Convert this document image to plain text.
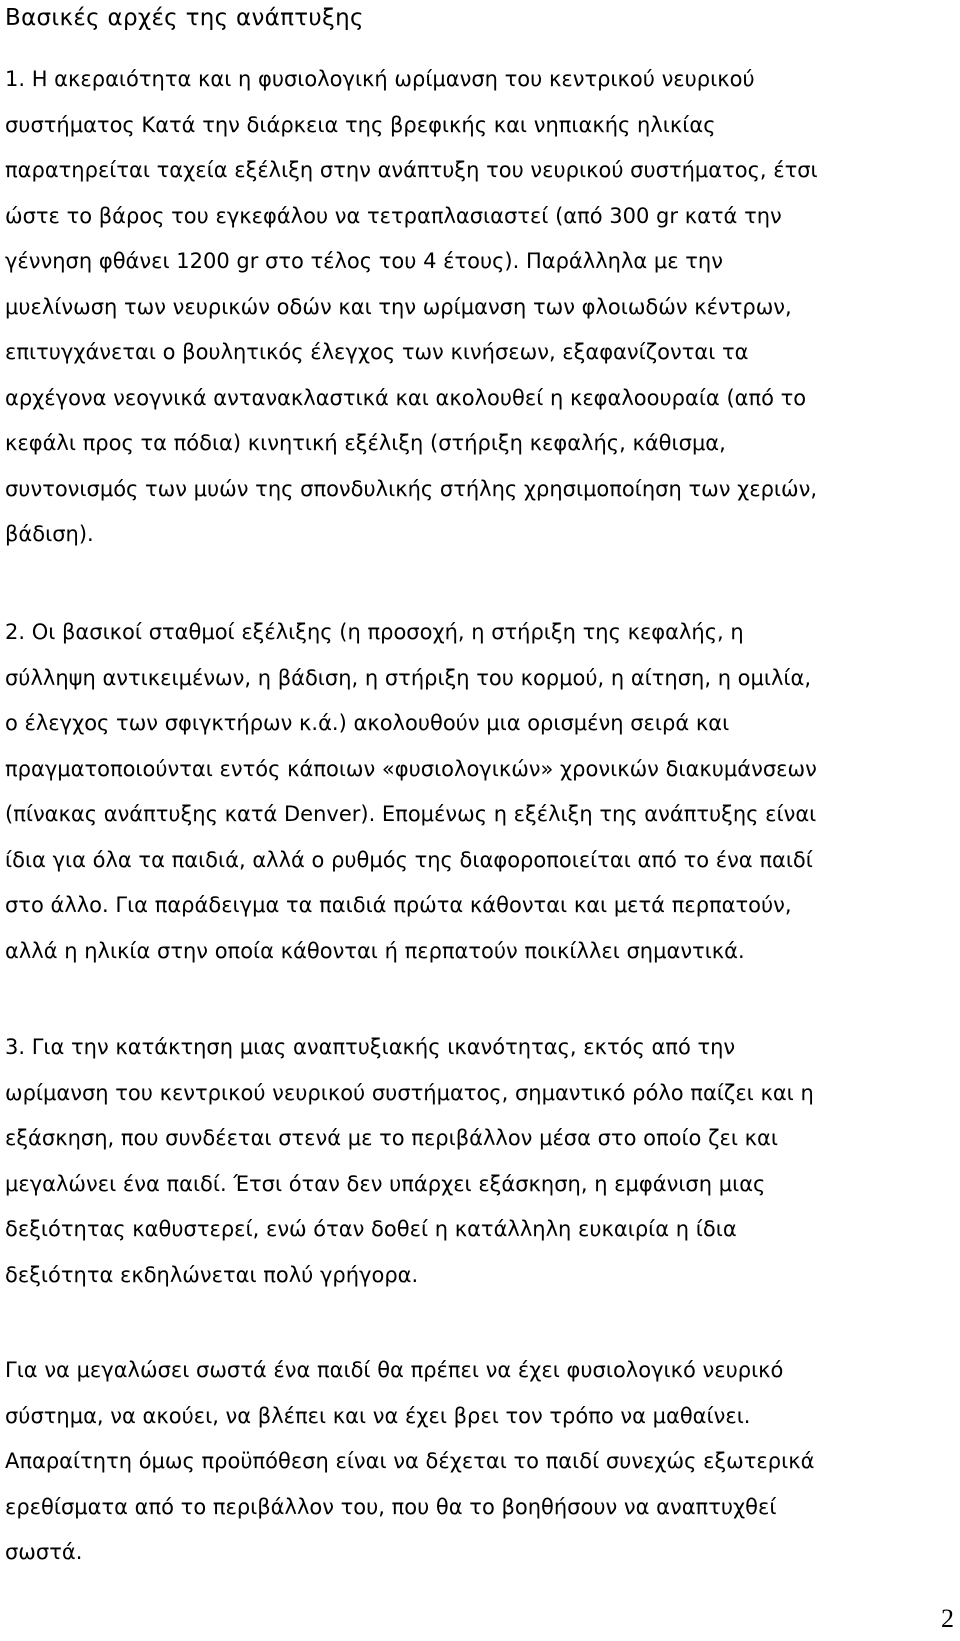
Βασικές αρχές της ανάπτυξης
1. Η ακεραιότητα και η φυσιολογική ωρίμανση του κεντρικού νευρικού
συστήματος Κατά την διάρκεια της βρεφικής και νηπιακής ηλικίας
παρατηρείται ταχεία εξέλιξη στην ανάπτυξη του νευρικού συστήματος, έτσι
ώστε το βάρος του εγκεφάλου να τετραπλασιαστεί (από 300 gr κατά την
γέννηση φθάνει 1200 gr στο τέλος του 4 έτους). Παράλληλα με την
μυελίνωση των νευρικών οδών και την ωρίμανση των φλοιωδών κέντρων,
επιτυγχάνεται ο βουλητικός έλεγχος των κινήσεων, εξαφανίζονται τα
αρχέγονα νεογνικά αντανακλαστικά και ακολουθεί η κεφαλοουραία (από το
κεφάλι προς τα πόδια) κινητική εξέλιξη (στήριξη κεφαλής, κάθισμα,
συντονισμός των μυών της σπονδυλικής στήλης χρησιμοποίηση των χεριών,
βάδιση).
2. Οι βασικοί σταθμοί εξέλιξης (η προσοχή, η στήριξη της κεφαλής, η
σύλληψη αντικειμένων, η βάδιση, η στήριξη του κορμού, η αίτηση, η ομιλία,
ο έλεγχος των σφιγκτήρων κ.ά.) ακολουθούν μια ορισμένη σειρά και
πραγματοποιούνται εντός κάποιων «φυσιολογικών» χρονικών διακυμάνσεων
(πίνακας ανάπτυξης κατά Denver). Επομένως η εξέλιξη της ανάπτυξης είναι
ίδια για όλα τα παιδιά, αλλά ο ρυθμός της διαφοροποιείται από το ένα παιδί
στο άλλο. Για παράδειγμα τα παιδιά πρώτα κάθονται και μετά περπατούν,
αλλά η ηλικία στην οποία κάθονται ή περπατούν ποικίλλει σημαντικά.
3. Για την κατάκτηση μιας αναπτυξιακής ικανότητας, εκτός από την
ωρίμανση του κεντρικού νευρικού συστήματος, σημαντικό ρόλο παίζει και η
εξάσκηση, που συνδέεται στενά με το περιβάλλον μέσα στο οποίο ζει και
μεγαλώνει ένα παιδί. Έτσι όταν δεν υπάρχει εξάσκηση, η εμφάνιση μιας
δεξιότητας καθυστερεί, ενώ όταν δοθεί η κατάλληλη ευκαιρία η ίδια
δεξιότητα εκδηλώνεται πολύ γρήγορα.
Για να μεγαλώσει σωστά ένα παιδί θα πρέπει να έχει φυσιολογικό νευρικό
σύστημα, να ακούει, να βλέπει και να έχει βρει τον τρόπο να μαθαίνει.
Απαραίτητη όμως προϋπόθεση είναι να δέχεται το παιδί συνεχώς εξωτερικά
ερεθίσματα από το περιβάλλον του, που θα το βοηθήσουν να αναπτυχθεί
σωστά.
2
